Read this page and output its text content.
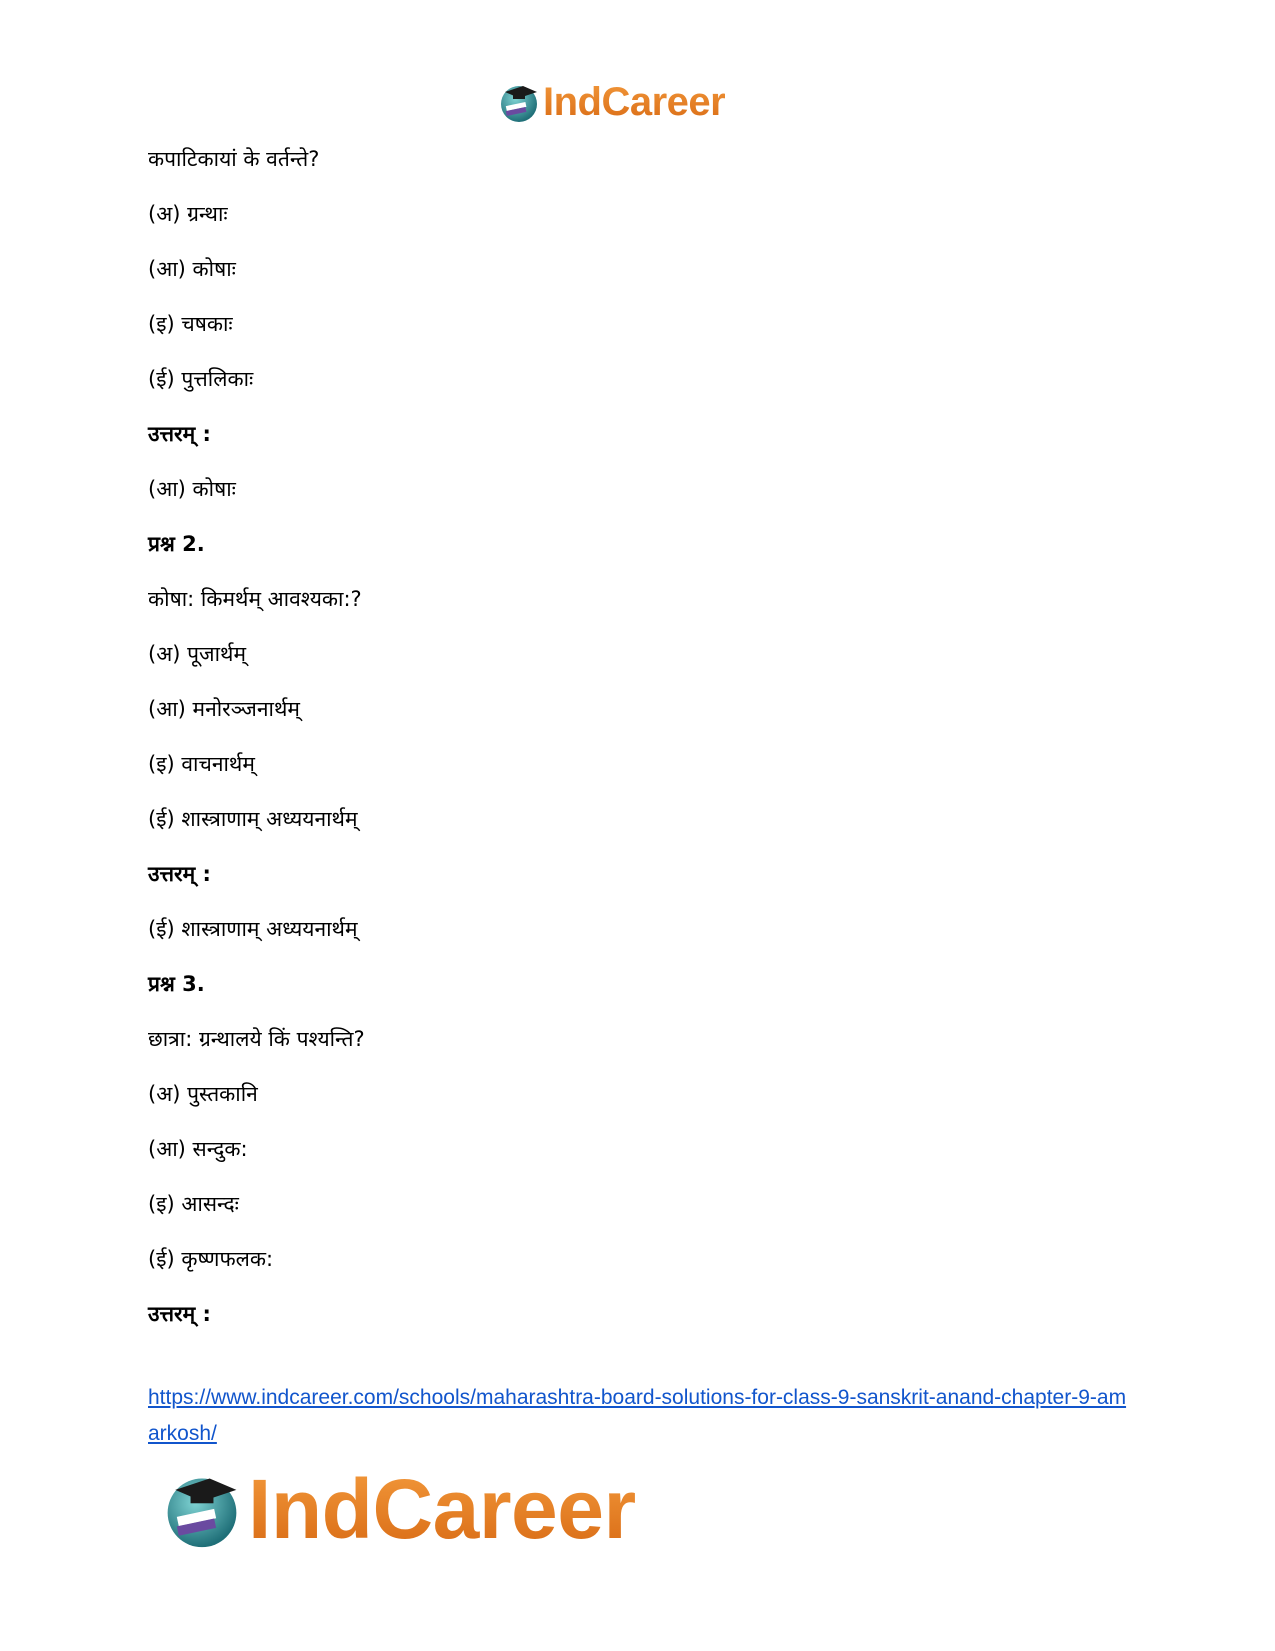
IndCareer

कपाटिकायां के वर्तन्ते?

(अ) ग्रन्थाः

(आ) कोषाः

(इ) चषकाः

(ई) पुत्तलिकाः

उत्तरम् :

(आ) कोषाः

प्रश्न 2.

कोषा: किमर्थम् आवश्यका:?

(अ) पूजार्थम्

(आ) मनोरञ्जनार्थम्

(इ) वाचनार्थम्

(ई) शास्त्राणाम् अध्ययनार्थम्

उत्तरम् :

(ई) शास्त्राणाम् अध्ययनार्थम्

प्रश्न 3.

छात्रा: ग्रन्थालये किं पश्यन्ति?

(अ) पुस्तकानि

(आ) सन्दुक:

(इ) आसन्दः

(ई) कृष्णफलक:

उत्तरम् :

https://www.indcareer.com/schools/maharashtra-board-solutions-for-class-9-sanskrit-anand-chapter-9-amarkosh/
IndCareer
